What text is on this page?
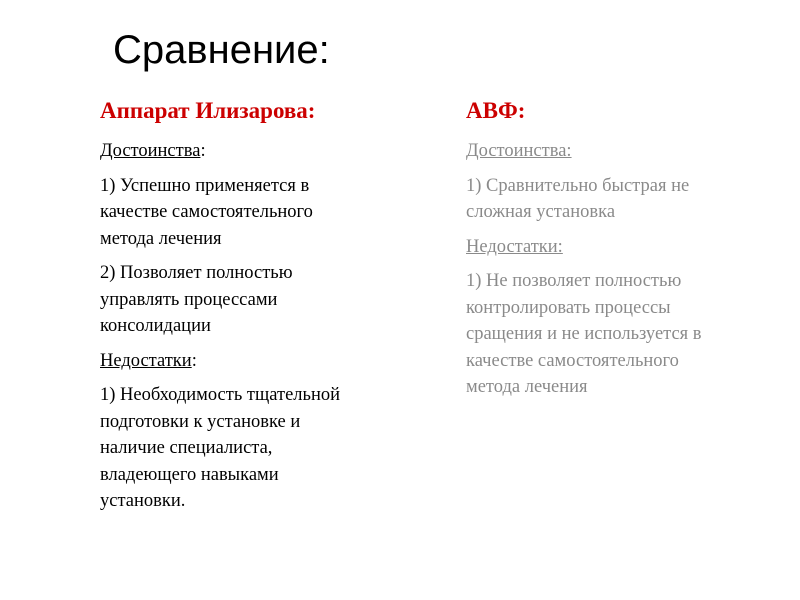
Сравнение:
Аппарат Илизарова:
Достоинства:
1) Успешно применяется в
качестве самостоятельного
метода лечения
2) Позволяет полностью
управлять процессами
консолидации
Недостатки:
1) Необходимость тщательной
подготовки к установке и
наличие специалиста,
владеющего навыками
установки.
АВФ:
Достоинства:
1) Сравнительно быстрая не
сложная установка
Недостатки:
1) Не позволяет полностью
контролировать процессы
сращения и не используется в
качестве самостоятельного
метода лечения
